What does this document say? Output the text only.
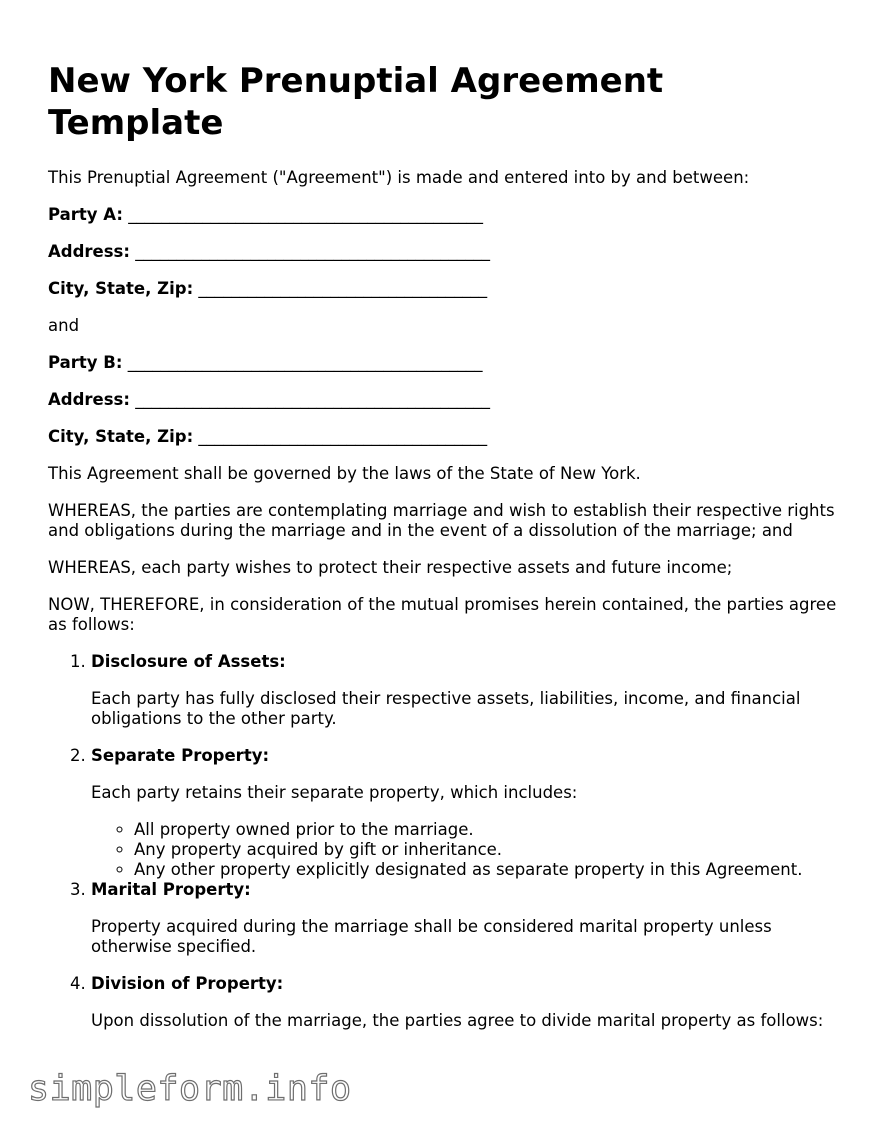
New York Prenuptial Agreement Template

This Prenuptial Agreement ("Agreement") is made and entered into by and between:

Party A: ___________________________________________

Address: ___________________________________________

City, State, Zip: ___________________________________

and

Party B: ___________________________________________

Address: ___________________________________________

City, State, Zip: ___________________________________

This Agreement shall be governed by the laws of the State of New York.

WHEREAS, the parties are contemplating marriage and wish to establish their respective rights and obligations during the marriage and in the event of a dissolution of the marriage; and

WHEREAS, each party wishes to protect their respective assets and future income;

NOW, THEREFORE, in consideration of the mutual promises herein contained, the parties agree as follows:

1. Disclosure of Assets:

Each party has fully disclosed their respective assets, liabilities, income, and financial obligations to the other party.

2. Separate Property:

Each party retains their separate property, which includes:

◦ All property owned prior to the marriage.
◦ Any property acquired by gift or inheritance.
◦ Any other property explicitly designated as separate property in this Agreement.

3. Marital Property:

Property acquired during the marriage shall be considered marital property unless otherwise specified.

4. Division of Property:

Upon dissolution of the marriage, the parties agree to divide marital property as follows:

simpleform.info
